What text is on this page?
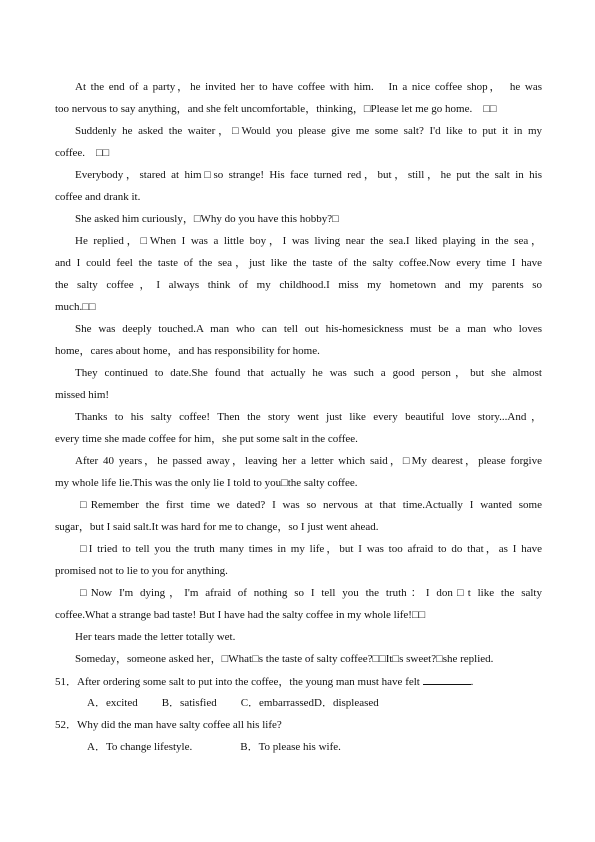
At the end of a party，he invited her to have coffee with him.　In a nice coffee shop，　he was
too nervous to say anything，and she felt uncomfortable，thinking，□Please let me go home.　□□
Suddenly he asked the waiter，□Would you please give me some salt? I'd like to put it in my
coffee.　□□
Everybody，stared at him□so strange! His face turned red，but，still，he put the salt in his
coffee and drank it.
She asked him curiously，□Why do you have this hobby?□
He replied，□When I was a little boy，I was living near the sea.I liked playing in the sea，
and I could feel the taste of the sea，just like the taste of the salty coffee.Now every time I have
the salty coffee，I always think of my childhood.I miss my hometown and my parents so
much.□□
She was deeply touched.A man who can tell out his-homesickness must be a man who loves
home，cares about home，and has responsibility for home.
They continued to date.She found that actually he was such a good person，but she almost
missed him!
Thanks to his salty coffee! Then the story went just like every beautiful love story...And，
every time she made coffee for him，she put some salt in the coffee.
After 40 years，he passed away，leaving her a letter which said，□My dearest，please forgive
my whole life lie.This was the only lie I told to you□the salty coffee.
□Remember the first time we dated? I was so nervous at that time.Actually I wanted some
sugar，but I said salt.It was hard for me to change，so I just went ahead.
□I tried to tell you the truth many times in my life，but I was too afraid to do that，as I have
promised not to lie to you for anything.
□Now I'm dying，I'm afraid of nothing so I tell you the truth：I don□t like the salty
coffee.What a strange bad taste! But I have had the salty coffee in my whole life!□□
Her tears made the letter totally wet.
Someday，someone asked her，□What□s the taste of salty coffee?□□It□s sweet?□she replied.
51．After ordering some salt to put into the coffee，the young man must have felt	.
A．excited B．satisfied C．embarrassedD．displeased
52．Why did the man have salty coffee all his life?
A．To change lifestyle.	B．To please his wife.
